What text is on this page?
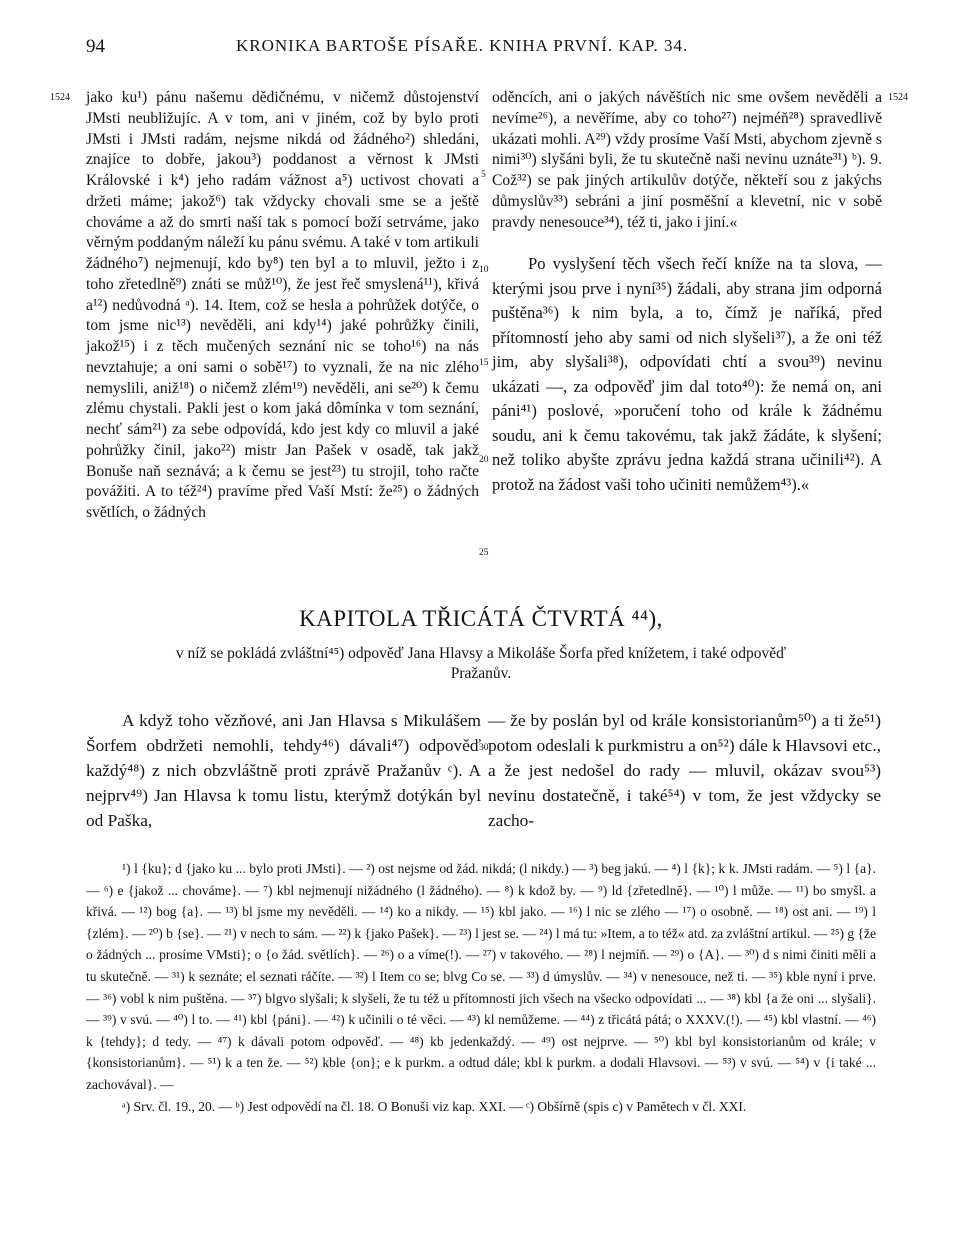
94	KRONIKA BARTOŠE PÍSAŘE. KNIHA PRVNÍ. KAP. 34.
1524	1524

jako ku¹) pánu našemu dědičnému, v ničemž důstojenství JMsti neubližujíc. A v tom, ani v jiném, což by bylo proti JMsti i JMsti radám, nejsme nikdá od žádného²) shledáni, znajíce to dobře, jakou³) poddanost a věrnost k JMsti Královské i k⁴) jeho radám vážnost a⁵) uctivost chovati a držeti máme; jakož⁶) tak vždycky chovali sme se a ještě chováme a až do smrti naší tak s pomocí boží setrváme, jako věrným poddaným náleží ku pánu svému. A také v tom artikuli žádného⁷) nejmenují, kdo by⁸) ten byl a to mluvil, ježto i z toho zřetedlně⁹) znáti se můž¹⁰), že jest řeč smyslená¹¹), křivá a¹²) nedůvodná ᵃ). 14. Item, což se hesla a pohrůžek dotýče, o tom jsme nic¹³) nevěděli, ani kdy¹⁴) jaké pohrůžky činili, jakož¹⁵) i z těch mučených seznání nic se toho¹⁶) na nás nevztahuje; a oni sami o sobě¹⁷) to vyznali, že na nic zlého nemyslili, aniž¹⁸) o ničemž zlém¹⁹) nevěděli, ani se²⁰) k čemu zlému chystali. Pakli jest o kom jaká dômínka v tom seznání, nechť sám²¹) za sebe odpovídá, kdo jest kdy co mluvil a jaké pohrůžky činil, jako²²) mistr Jan Pašek v osadě, tak jakž Bonuše naň seznává; a k čemu se jest²³) tu strojil, toho račte povážiti. A to též²⁴) pravíme před Vaší Mstí: že²⁵) o žádných světlích, o žádných

5
10
15
20
25
30

oděncích, ani o jakých návěštích nic sme ovšem nevěděli a nevíme²⁶), a nevěříme, aby co toho²⁷) nejméň²⁸) spravedlivě ukázati mohli. A²⁹) vždy prosíme Vaší Msti, abychom zjevně s nimi³⁰) slyšáni byli, že tu skutečně naši nevinu uznáte³¹) ᵇ). 9. Což³²) se pak jiných artikulův dotýče, někteří sou z jakýchs důmyslův³³) sebráni a jiní posměšní a klevetní, nic v sobě pravdy nenesouce³⁴), též ti, jako i jiní.«

Po vyslyšení těch všech řečí kníže na ta slova, — kterými jsou prve i nyní³⁵) žádali, aby strana jim odporná puštěna³⁶) k nim byla, a to, čímž je naříká, před přítomností jeho aby sami od nich slyšeli³⁷), a že oni též jim, aby slyšali³⁸), odpovídati chtí a svou³⁹) nevinu ukázati —, za odpověď jim dal toto⁴⁰): že nemá on, ani páni⁴¹) poslové, »poručení toho od krále k žádnému soudu, ani k čemu takovému, tak jakž žádáte, k slyšení; než toliko abyšte zprávu jedna každá strana učinili⁴²). A protož na žádost vaši toho učiniti nemůžem⁴³).«

KAPITOLA TŘICÁTÁ ČTVRTÁ ⁴⁴),
v níž se pokládá zvláštní⁴⁵) odpověď Jana Hlavsy a Mikoláše Šorfa před knížetem, i také odpověď Pražanův.

A když toho vězňové, ani Jan Hlavsa s Mikulášem Šorfem obdržeti nemohli, tehdy⁴⁶) dávali⁴⁷) odpověď každý⁴⁸) z nich obzvláštně proti zprávě Pražanův ᶜ). A nejprv⁴⁹) Jan Hlavsa k tomu listu, kterýmž dotýkán byl od Paška,

— že by poslán byl od krále konsistorianům⁵⁰) a ti že⁵¹) potom odeslali k purkmistru a on⁵²) dále k Hlavsovi etc., a že jest nedošel do rady — mluvil, okázav svou⁵³) nevinu dostatečně, i také⁵⁴) v tom, že jest vždycky se zacho-

¹) l {ku}; d {jako ku ... bylo proti JMsti}. — ²) ost nejsme od žád. nikdá; (l nikdy.) — ³) beg jakú. — ⁴) l {k}; k k. JMsti radám. — ⁵) l {a}. — ⁶) e {jakož ... chováme}. — ⁷) kbl nejmenují nižádného (l žádného). — ⁸) k kdož by. — ⁹) ld {zřetedlně}. — ¹⁰) l může. — ¹¹) bo smyšl. a křivá. — ¹²) bog {a}. — ¹³) bl jsme my nevěděli. — ¹⁴) ko a nikdy. — ¹⁵) kbl jako. — ¹⁶) l nic se zlého — ¹⁷) o osobně. — ¹⁸) ost ani. — ¹⁹) l {zlém}. — ²⁰) b {se}. — ²¹) v nech to sám. — ²²) k {jako Pašek}. — ²³) l jest se. — ²⁴) l má tu: »Item, a to též« atd. za zvláštní artikul. — ²⁵) g {že o žádných ... prosíme VMsti}; o {o žád. světlích}. — ²⁶) o a víme(!). — ²⁷) v takového. — ²⁸) l nejmíň. — ²⁹) o {A}. — ³⁰) d s nimi činiti měli a tu skutečně. — ³¹) k seznáte; el seznati ráčíte. — ³²) l Item co se; blvg Co se. — ³³) d úmyslův. — ³⁴) v nenesouce, než ti. — ³⁵) kble nyní i prve. — ³⁶) vobl k nim puštěna. — ³⁷) blgvo slyšali; k slyšeli, že tu též u přítomnosti jich všech na všecko odpovídati ... — ³⁸) kbl {a že oni ... slyšali}. — ³⁹) v svú. — ⁴⁰) l to. — ⁴¹) kbl {páni}. — ⁴²) k učinili o té věci. — ⁴³) kl nemůžeme. — ⁴⁴) z třicátá pátá; o XXXV.(!). — ⁴⁵) kbl vlastní. — ⁴⁶) k {tehdy}; d tedy. — ⁴⁷) k dávali potom odpověď. — ⁴⁸) kb jedenkaždý. — ⁴⁹) ost nejprve. — ⁵⁰) kbl byl konsistorianům od krále; v {konsistorianům}. — ⁵¹) k a ten že. — ⁵²) kble {on}; e k purkm. a odtud dále; kbl k purkm. a dodali Hlavsovi. — ⁵³) v svú. — ⁵⁴) v {i také ... zachovával}. —

ᵃ) Srv. čl. 19., 20. — ᵇ) Jest odpovědí na čl. 18. O Bonuši viz kap. XXI. — ᶜ) Obšírně (spis c) v Pamětech v čl. XXI.
